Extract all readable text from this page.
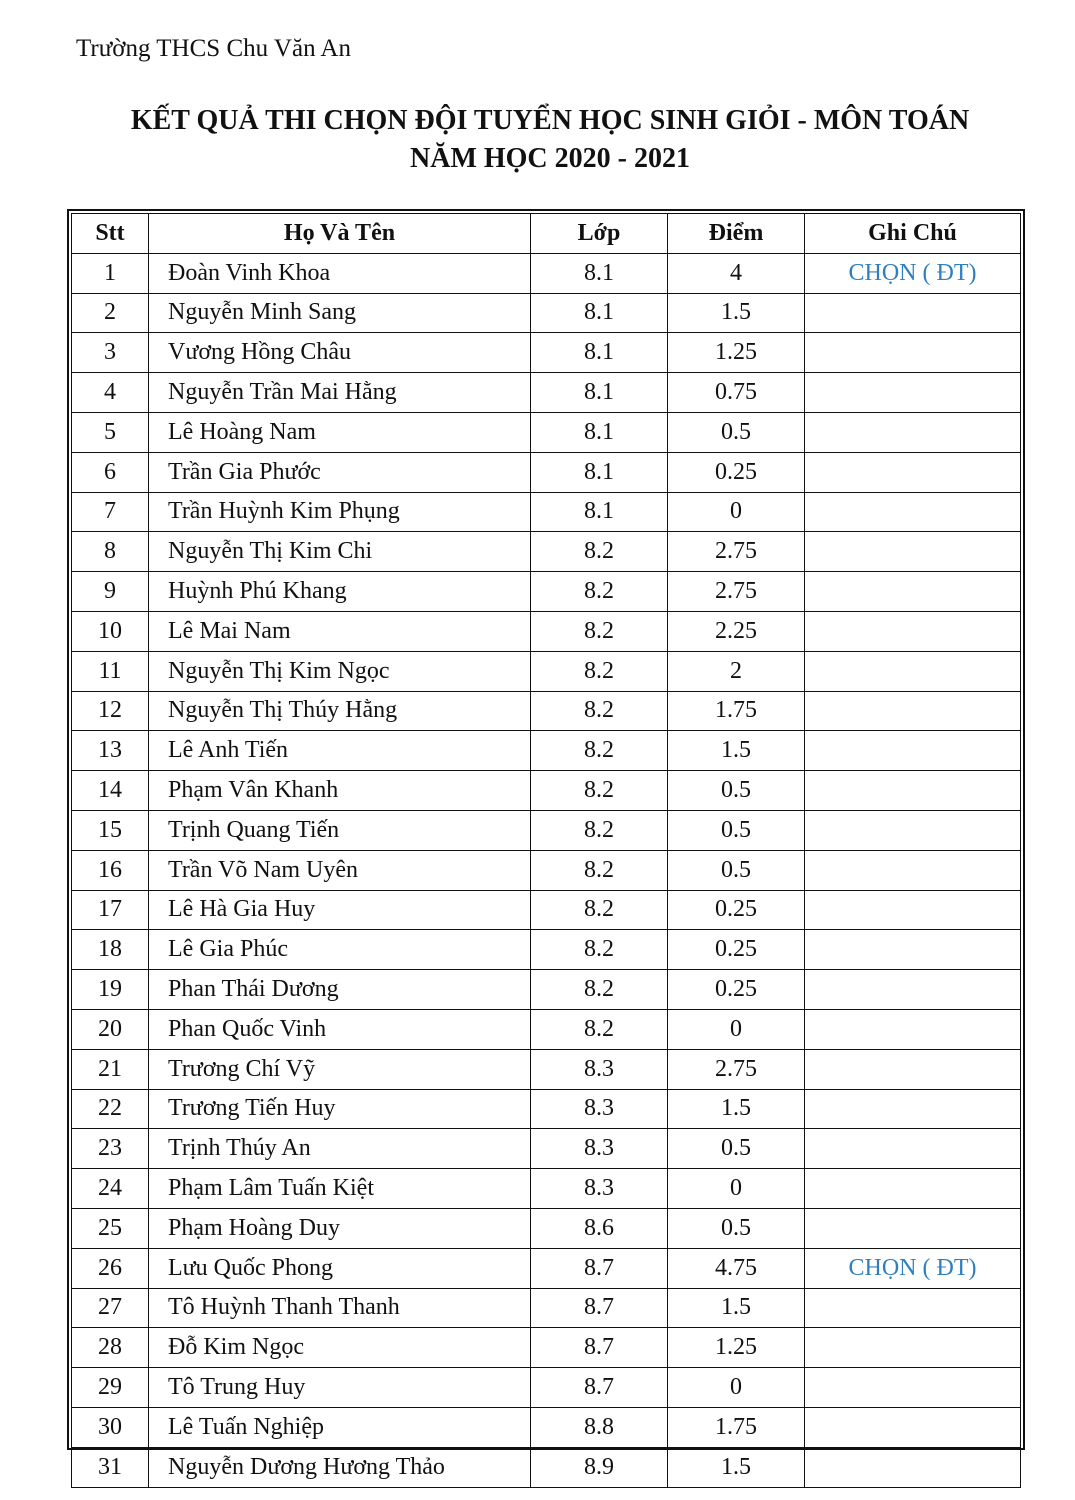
Trường THCS Chu Văn An
KẾT QUẢ THI CHỌN ĐỘI TUYỂN HỌC SINH GIỎI - MÔN TOÁN
NĂM HỌC 2020 - 2021
Stt	Họ Và Tên	Lớp	Điểm	Ghi Chú
1	Đoàn Vinh Khoa	8.1	4	CHỌN ( ĐT)
2	Nguyễn Minh Sang	8.1	1.5	
3	Vương Hồng Châu	8.1	1.25	
4	Nguyễn Trần Mai Hằng	8.1	0.75	
5	Lê Hoàng Nam	8.1	0.5	
6	Trần Gia Phước	8.1	0.25	
7	Trần Huỳnh Kim Phụng	8.1	0	
8	Nguyễn Thị Kim Chi	8.2	2.75	
9	Huỳnh Phú Khang	8.2	2.75	
10	Lê Mai Nam	8.2	2.25	
11	Nguyễn Thị Kim Ngọc	8.2	2	
12	Nguyễn Thị Thúy Hằng	8.2	1.75	
13	Lê Anh Tiến	8.2	1.5	
14	Phạm Vân Khanh	8.2	0.5	
15	Trịnh Quang Tiến	8.2	0.5	
16	Trần Võ Nam Uyên	8.2	0.5	
17	Lê Hà Gia Huy	8.2	0.25	
18	Lê Gia Phúc	8.2	0.25	
19	Phan Thái Dương	8.2	0.25	
20	Phan Quốc Vinh	8.2	0	
21	Trương Chí Vỹ	8.3	2.75	
22	Trương Tiến Huy	8.3	1.5	
23	Trịnh Thúy An	8.3	0.5	
24	Phạm Lâm Tuấn Kiệt	8.3	0	
25	Phạm Hoàng Duy	8.6	0.5	
26	Lưu Quốc Phong	8.7	4.75	CHỌN ( ĐT)
27	Tô Huỳnh Thanh Thanh	8.7	1.5	
28	Đỗ Kim Ngọc	8.7	1.25	
29	Tô Trung Huy	8.7	0	
30	Lê Tuấn Nghiệp	8.8	1.75	
31	Nguyễn Dương Hương Thảo	8.9	1.5	
